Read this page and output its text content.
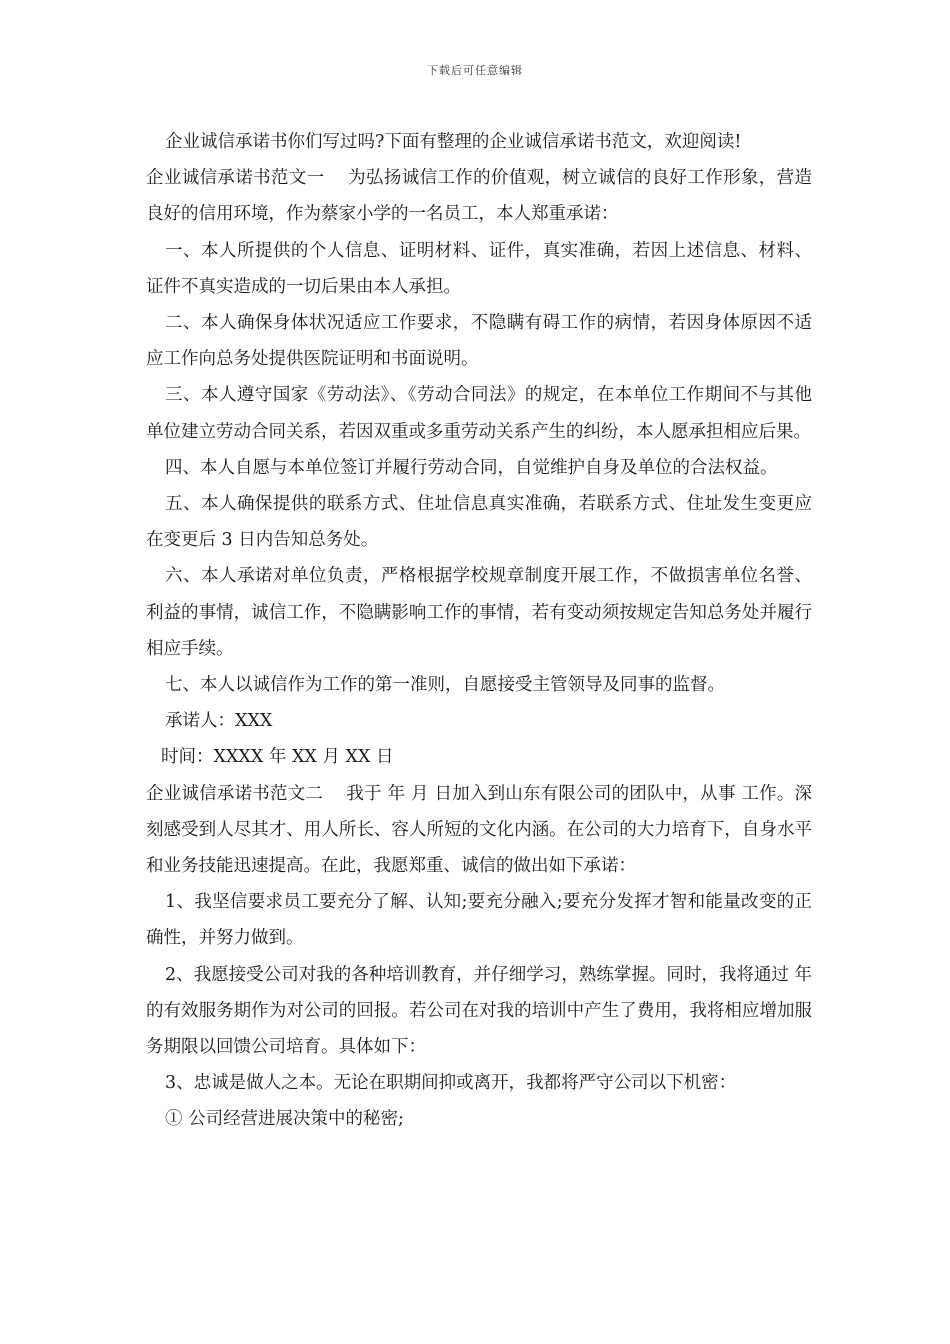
下载后可任意编辑

企业诚信承诺书你们写过吗?下面有整理的企业诚信承诺书范文，欢迎阅读!

企业诚信承诺书范文一    为弘扬诚信工作的价值观，树立诚信的良好工作形象，营造良好的信用环境，作为蔡家小学的一名员工，本人郑重承诺：

一、本人所提供的个人信息、证明材料、证件，真实准确，若因上述信息、材料、证件不真实造成的一切后果由本人承担。

二、本人确保身体状况适应工作要求，不隐瞒有碍工作的病情，若因身体原因不适应工作向总务处提供医院证明和书面说明。

三、本人遵守国家《劳动法》、《劳动合同法》的规定，在本单位工作期间不与其他单位建立劳动合同关系，若因双重或多重劳动关系产生的纠纷，本人愿承担相应后果。

四、本人自愿与本单位签订并履行劳动合同，自觉维护自身及单位的合法权益。

五、本人确保提供的联系方式、住址信息真实准确，若联系方式、住址发生变更应在变更后 3 日内告知总务处。

六、本人承诺对单位负责，严格根据学校规章制度开展工作，不做损害单位名誉、利益的事情，诚信工作，不隐瞒影响工作的事情，若有变动须按规定告知总务处并履行相应手续。

七、本人以诚信作为工作的第一准则，自愿接受主管领导及同事的监督。

承诺人：XXX

时间：XXXX 年 XX 月 XX 日

企业诚信承诺书范文二    我于 年 月 日加入到山东有限公司的团队中，从事 工作。深刻感受到人尽其才、用人所长、容人所短的文化内涵。在公司的大力培育下，自身水平和业务技能迅速提高。在此，我愿郑重、诚信的做出如下承诺：

1、我坚信要求员工要充分了解、认知;要充分融入;要充分发挥才智和能量改变的正确性，并努力做到。

2、我愿接受公司对我的各种培训教育，并仔细学习，熟练掌握。同时，我将通过 年的有效服务期作为对公司的回报。若公司在对我的培训中产生了费用，我将相应增加服务期限以回馈公司培育。具体如下：

3、忠诚是做人之本。无论在职期间抑或离开，我都将严守公司以下机密：

① 公司经营进展决策中的秘密;
